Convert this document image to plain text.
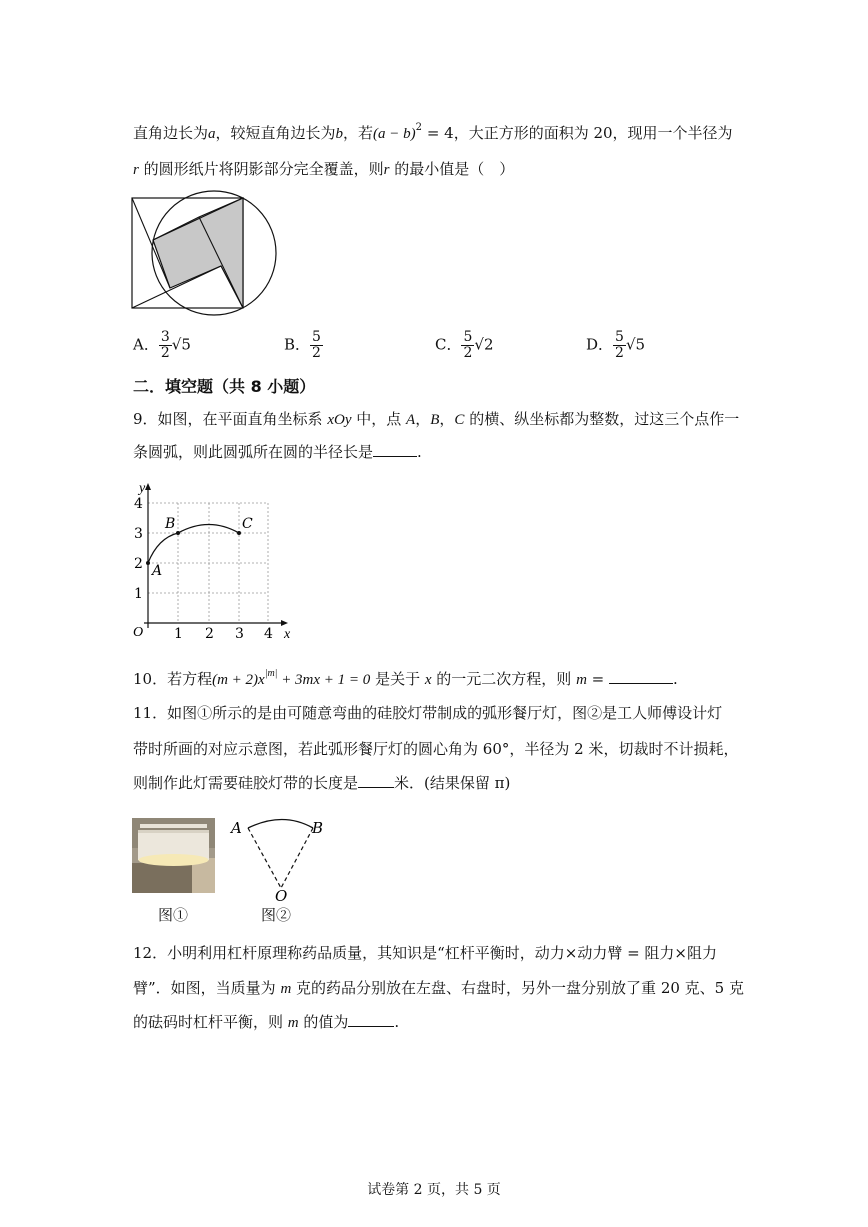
直角边长为a，较短直角边长为b，若$(a - b)^2 = 4$，大正方形的面积为 20，现用一个半径为
r 的圆形纸片将阴影部分完全覆盖，则r 的最小值是（　）
A． $\frac{3}{2} √5$	B． $\frac{5}{2}$	C． $\frac{5}{2} √2$	D． $\frac{5}{2} √5$
二．填空题（共 8 小题）
9．如图，在平面直角坐标系 xOy 中，点 A，B，C 的横、纵坐标都为整数，过这三个点作一
条圆弧，则此圆弧所在圆的半径长是	.
y
x
O 1 2 3 4
1
2
3
4
A
B	C
10．若方程$(m + 2)x^{|m|} + 3mx + 1 = 0$ 是关于 x 的一元二次方程，则 m =	.
11．如图①所示的是由可随意弯曲的硅胶灯带制成的弧形餐厅灯，图②是工人师傅设计灯
带时所画的对应示意图，若此弧形餐厅灯的圆心角为 60°，半径为 2 米，切裁时不计损耗，
则制作此灯需要硅胶灯带的长度是 米．(结果保留 π)
A	B
O
图①	图②
12．小明利用杠杆原理称药品质量，其知识是“杠杆平衡时，动力×动力臂 = 阻力×阻力
臂”．如图，当质量为 m 克的药品分别放在左盘、右盘时，另外一盘分别放了重 20 克、5 克
的砝码时杠杆平衡，则 m 的值为	.
试卷第 2 页，共 5 页
